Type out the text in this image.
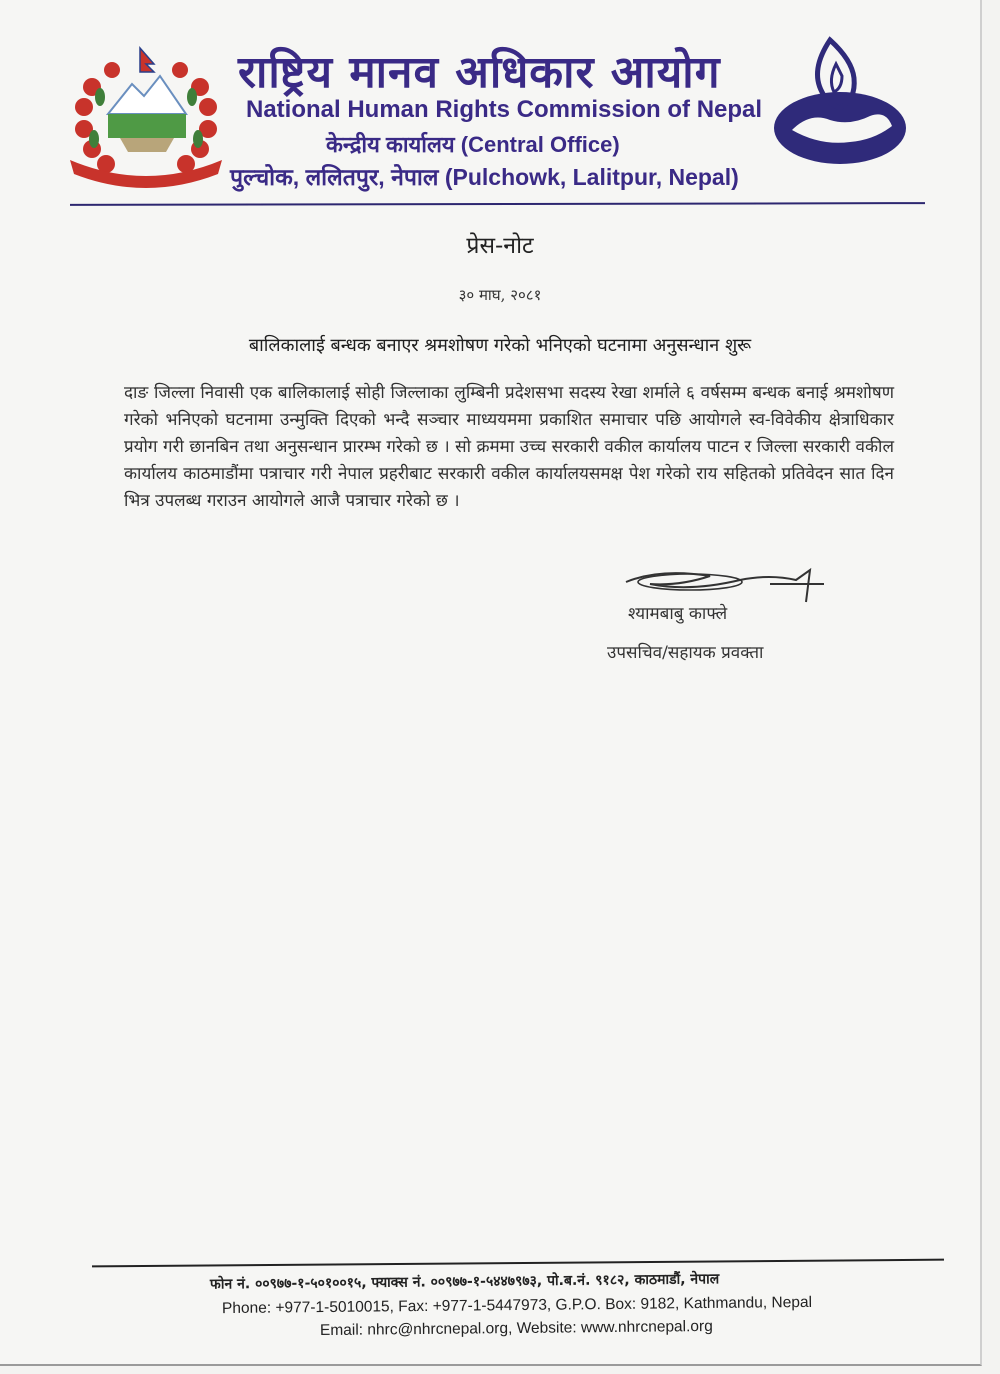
राष्ट्रिय मानव अधिकार आयोग
National Human Rights Commission of Nepal
केन्द्रीय कार्यालय (Central Office)
पुल्चोक, ललितपुर, नेपाल (Pulchowk, Lalitpur, Nepal)
प्रेस-नोट
३० माघ, २०८१
बालिकालाई बन्धक बनाएर श्रमशोषण गरेको भनिएको घटनामा अनुसन्धान शुरू

दाङ जिल्ला निवासी एक बालिकालाई सोही जिल्लाका लुम्बिनी प्रदेशसभा सदस्य रेखा शर्माले ६ वर्षसम्म बन्धक बनाई श्रमशोषण गरेको भनिएको घटनामा उन्मुक्ति दिएको भन्दै सञ्चार माध्ययममा प्रकाशित समाचार पछि आयोगले स्व-विवेकीय क्षेत्राधिकार प्रयोग गरी छानबिन तथा अनुसन्धान प्रारम्भ गरेको छ । सो क्रममा उच्च सरकारी वकील कार्यालय पाटन र जिल्ला सरकारी वकील कार्यालय काठमाडौंमा पत्राचार गरी नेपाल प्रहरीबाट सरकारी वकील कार्यालयसमक्ष पेश गरेको राय सहितको प्रतिवेदन सात दिन भित्र उपलब्ध गराउन आयोगले आजै पत्राचार गरेको छ ।

श्यामबाबु काफ्ले
उपसचिव/सहायक प्रवक्ता
फोन नं. ००९७७-१-५०१००१५, फ्याक्स नं. ००९७७-१-५४४७९७३, पो.ब.नं. ९१८२, काठमाडौं, नेपाल
Phone: +977-1-5010015, Fax: +977-1-5447973, G.P.O. Box: 9182, Kathmandu, Nepal
Email: nhrc@nhrcnepal.org, Website: www.nhrcnepal.org
